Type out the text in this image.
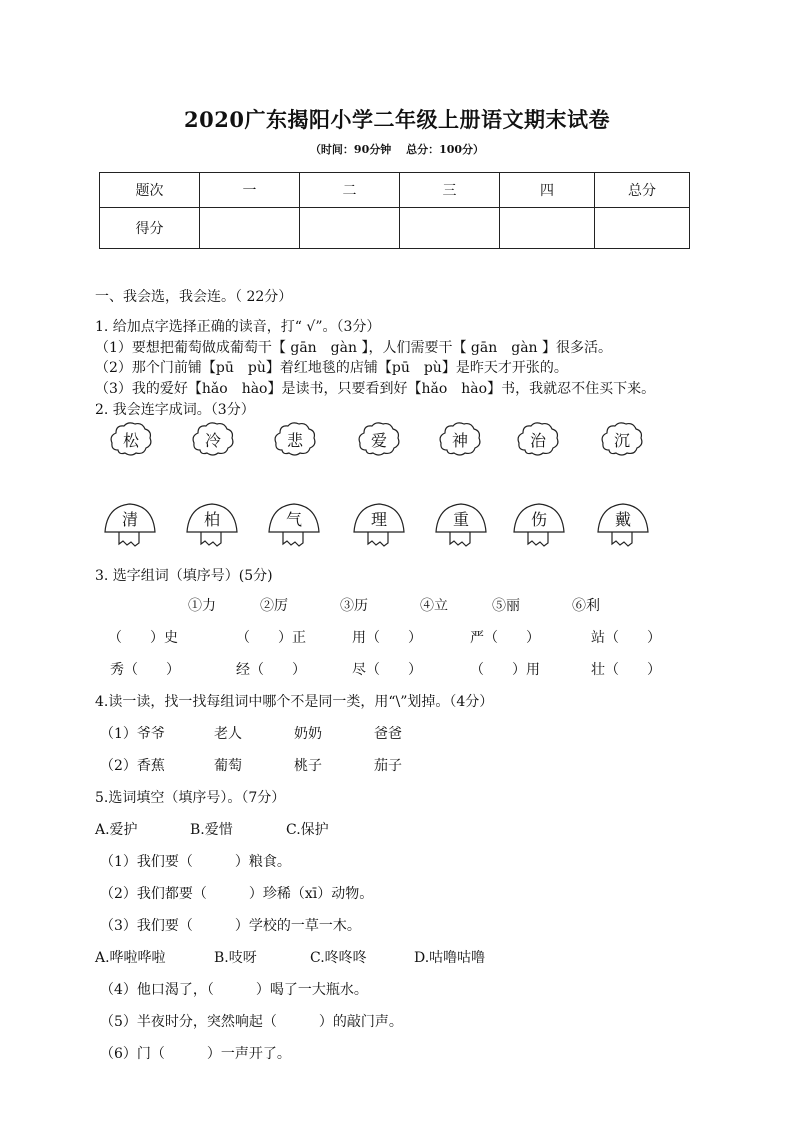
2020广东揭阳小学二年级上册语文期末试卷
（时间：90分钟　 总分：100分）
题次	一	二	三	四	总分
得分					
一、我会选，我会连。（ 22分）
1. 给加点字选择正确的读音，打“ √”。（3分）
（1）要想把葡萄做成葡萄干【 gān　gàn 】，人们需要干【 gān　gàn 】很多活。
（2）那个门前铺【pū　pù】着红地毯的店铺【pū　pù】是昨天才开张的。
（3）我的爱好【hǎo　hào】是读书，只要看到好【hǎo　hào】书，我就忍不住买下来。
2. 我会连字成词。（3分）
松	冷	悲	爱	神	治	沉
清	柏	气	理	重	伤	戴
3. 选字组词（填序号）(5分)
①力	②厉	③历	④立	⑤丽	⑥利
（　　）史	（　　）正	用（　　）	严（　　）	站（　　）
秀（　　）	经（　　）	尽（　　）	（　　）用	壮（　　）
4.读一读，找一找每组词中哪个不是同一类，用“\”划掉。（4分）
（1）爷爷	老人	奶奶	爸爸
（2）香蕉	葡萄	桃子	茄子
5.选词填空（填序号）。（7分）
A.爱护	B.爱惜	C.保护
（1）我们要（　　　）粮食。
（2）我们都要（　　　）珍稀（xī）动物。
（3）我们要（　　　）学校的一草一木。
A.哗啦哗啦	B.吱呀	C.咚咚咚	D.咕噜咕噜
（4）他口渴了，（　　　）喝了一大瓶水。
（5）半夜时分，突然响起（　　　）的敲门声。
（6）门（　　　）一声开了。
